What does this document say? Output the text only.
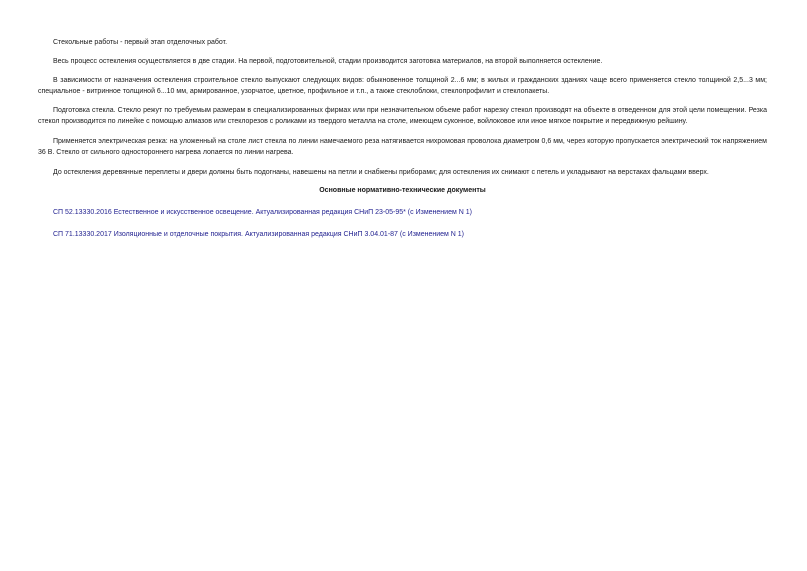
Стекольные работы - первый этап отделочных работ.

Весь процесс остекления осуществляется в две стадии. На первой, подготовительной, стадии производится заготовка материалов, на второй выполняется остекление.

В зависимости от назначения остекления строительное стекло выпускают следующих видов: обыкновенное толщиной 2...6 мм; в жилых и гражданских зданиях чаще всего применяется стекло толщиной 2,5...3 мм; специальное - витринное толщиной 6...10 мм, армированное, узорчатое, цветное, профильное и т.п., а также стеклоблоки, стеклопрофилит и стеклопакеты.

Подготовка стекла. Стекло режут по требуемым размерам в специализированных фирмах или при незначительном объеме работ нарезку стекол производят на объекте в отведенном для этой цели помещении. Резка стекол производится по линейке с помощью алмазов или стеклорезов с роликами из твердого металла на столе, имеющем суконное, войлоковое или иное мягкое покрытие и передвижную рейшину.

Применяется электрическая резка: на уложенный на столе лист стекла по линии намечаемого реза натягивается нихромовая проволока диаметром 0,6 мм, через которую пропускается электрический ток напряжением 36 В. Стекло от сильного одностороннего нагрева лопается по линии нагрева.

До остекления деревянные переплеты и двери должны быть подогнаны, навешены на петли и снабжены приборами; для остекления их снимают с петель и укладывают на верстаках фальцами вверх.

Основные нормативно-технические документы

СП 52.13330.2016 Естественное и искусственное освещение. Актуализированная редакция СНиП 23-05-95* (с Изменением N 1)
СП 71.13330.2017 Изоляционные и отделочные покрытия. Актуализированная редакция СНиП 3.04.01-87 (с Изменением N 1)
